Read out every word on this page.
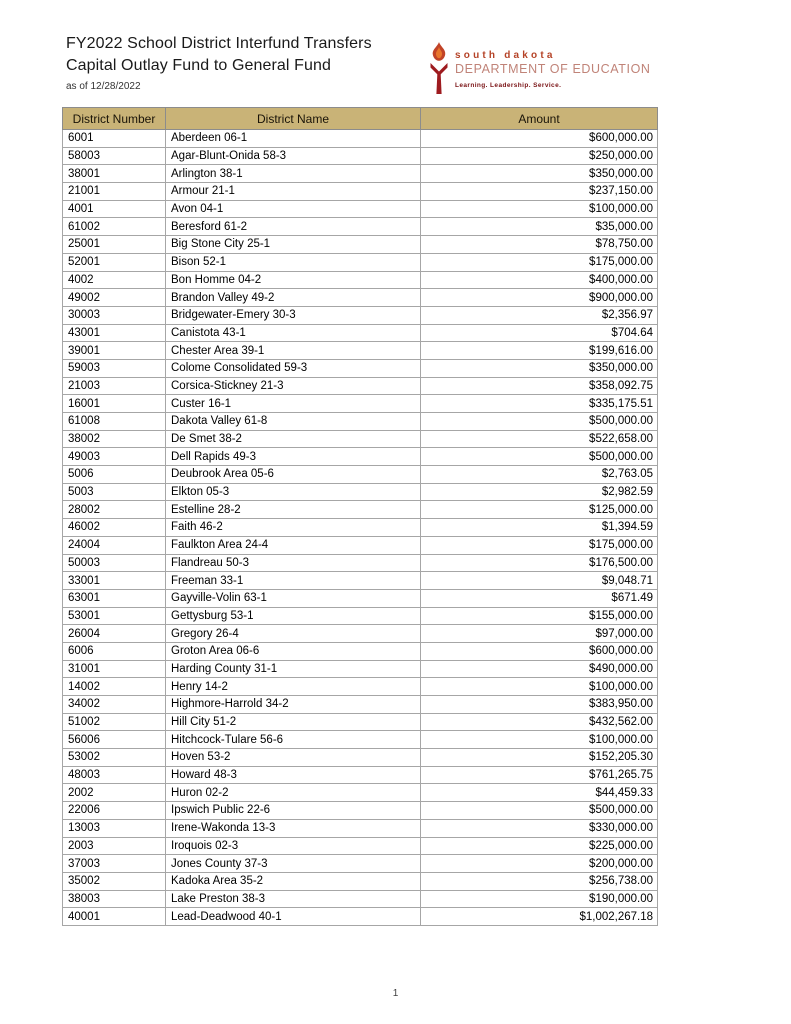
FY2022 School District Interfund Transfers
Capital Outlay Fund to General Fund
as of 12/28/2022
south dakota
DEPARTMENT OF EDUCATION
Learning. Leadership. Service.
District Number	District Name	Amount
6001	Aberdeen 06-1	$600,000.00
58003	Agar-Blunt-Onida 58-3	$250,000.00
38001	Arlington 38-1	$350,000.00
21001	Armour 21-1	$237,150.00
4001	Avon 04-1	$100,000.00
61002	Beresford 61-2	$35,000.00
25001	Big Stone City 25-1	$78,750.00
52001	Bison 52-1	$175,000.00
4002	Bon Homme 04-2	$400,000.00
49002	Brandon Valley 49-2	$900,000.00
30003	Bridgewater-Emery 30-3	$2,356.97
43001	Canistota 43-1	$704.64
39001	Chester Area 39-1	$199,616.00
59003	Colome Consolidated 59-3	$350,000.00
21003	Corsica-Stickney 21-3	$358,092.75
16001	Custer 16-1	$335,175.51
61008	Dakota Valley 61-8	$500,000.00
38002	De Smet 38-2	$522,658.00
49003	Dell Rapids 49-3	$500,000.00
5006	Deubrook Area 05-6	$2,763.05
5003	Elkton 05-3	$2,982.59
28002	Estelline 28-2	$125,000.00
46002	Faith 46-2	$1,394.59
24004	Faulkton Area 24-4	$175,000.00
50003	Flandreau 50-3	$176,500.00
33001	Freeman 33-1	$9,048.71
63001	Gayville-Volin 63-1	$671.49
53001	Gettysburg 53-1	$155,000.00
26004	Gregory 26-4	$97,000.00
6006	Groton Area 06-6	$600,000.00
31001	Harding County 31-1	$490,000.00
14002	Henry 14-2	$100,000.00
34002	Highmore-Harrold 34-2	$383,950.00
51002	Hill City 51-2	$432,562.00
56006	Hitchcock-Tulare 56-6	$100,000.00
53002	Hoven 53-2	$152,205.30
48003	Howard 48-3	$761,265.75
2002	Huron 02-2	$44,459.33
22006	Ipswich Public 22-6	$500,000.00
13003	Irene-Wakonda 13-3	$330,000.00
2003	Iroquois 02-3	$225,000.00
37003	Jones County 37-3	$200,000.00
35002	Kadoka Area 35-2	$256,738.00
38003	Lake Preston 38-3	$190,000.00
40001	Lead-Deadwood 40-1	$1,002,267.18
1
